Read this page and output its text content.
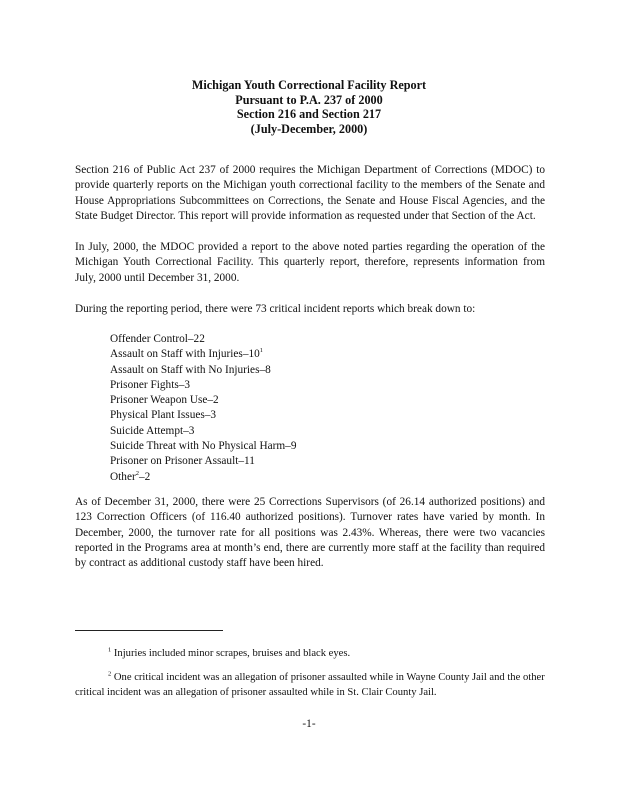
Michigan Youth Correctional Facility Report
Pursuant to P.A. 237 of 2000
Section 216 and Section 217
(July-December, 2000)

Section 216 of Public Act 237 of 2000 requires the Michigan Department of Corrections (MDOC) to provide quarterly reports on the Michigan youth correctional facility to the members of the Senate and House Appropriations Subcommittees on Corrections, the Senate and House Fiscal Agencies, and the State Budget Director. This report will provide information as requested under that Section of the Act.

In July, 2000, the MDOC provided a report to the above noted parties regarding the operation of the Michigan Youth Correctional Facility. This quarterly report, therefore, represents information from July, 2000 until December 31, 2000.

During the reporting period, there were 73 critical incident reports which break down to:

Offender Control–22
Assault on Staff with Injuries–$10^1$
Assault on Staff with No Injuries–8
Prisoner Fights–3
Prisoner Weapon Use–2
Physical Plant Issues–3
Suicide Attempt–3
Suicide Threat with No Physical Harm–9
Prisoner on Prisoner Assault–11
Other$^2$–2

As of December 31, 2000, there were 25 Corrections Supervisors (of 26.14 authorized positions) and 123 Correction Officers (of 116.40 authorized positions). Turnover rates have varied by month. In December, 2000, the turnover rate for all positions was 2.43%. Whereas, there were two vacancies reported in the Programs area at month’s end, there are currently more staff at the facility than required by contract as additional custody staff have been hired.

$^1$ Injuries included minor scrapes, bruises and black eyes.

$^2$ One critical incident was an allegation of prisoner assaulted while in Wayne County Jail and the other critical incident was an allegation of prisoner assaulted while in St. Clair County Jail.

-1-
